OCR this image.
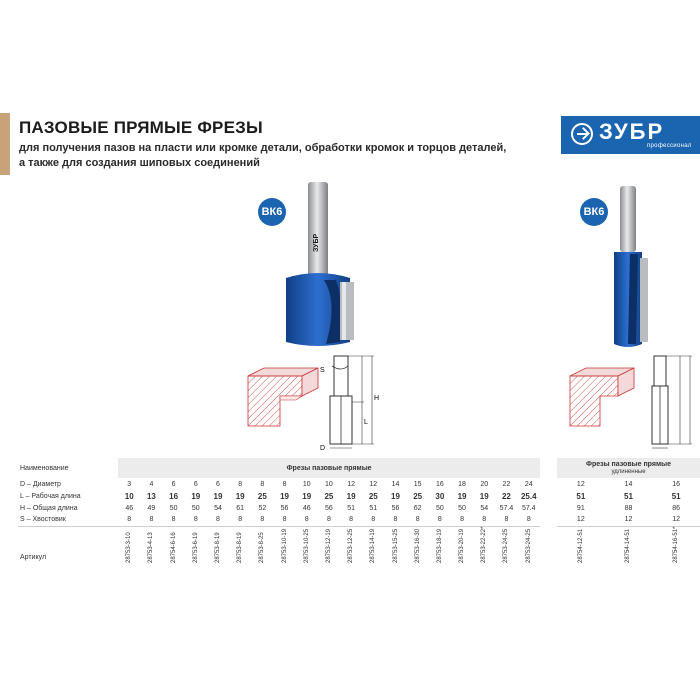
ПАЗОВЫЕ ПРЯМЫЕ ФРЕЗЫ
для получения пазов на пласти или кромке детали, обработки кромок и торцов деталей,
а также для создания шиповых соединений
ЗУБР
профессионал
ВК6	ВК6
ЗУБР
S
H
L
D
Наименование	Фрезы пазовые прямые																		
D – Диаметр	3	4	6	6	6	8	8	8	10	10	12	12	14	15	16	18	20	22	24
L – Рабочая длина	10	13	16	19	19	19	25	19	19	25	19	25	19	25	30	19	19	22	25.4
H – Общая длина	46	49	50	50	54	61	52	56	46	56	51	51	56	62	50	50	54	57.4	57.4
S – Хвостовик	8	8	8	8	8	8	8	8	8	8	8	8	8	8	8	8	8	8	8
Артикул	28753-3-10	28753-4-13	28754-6-16	28753-6-19	28753-8-19	28753-8-19	28753-8-25	28753-10-19	28753-10-25	28753-12-19	28753-12-25	28753-14-19	28753-15-25	28753-16-30	28753-18-19	28753-20-19	28753-22-22*	28753-24-25	28753-24-25
Фрезы пазовые прямые
удлиненные		

12	14	16
51	51	51
91	88	86
12	12	12
28754-12-51	28754-14-51	28754-16-51*
